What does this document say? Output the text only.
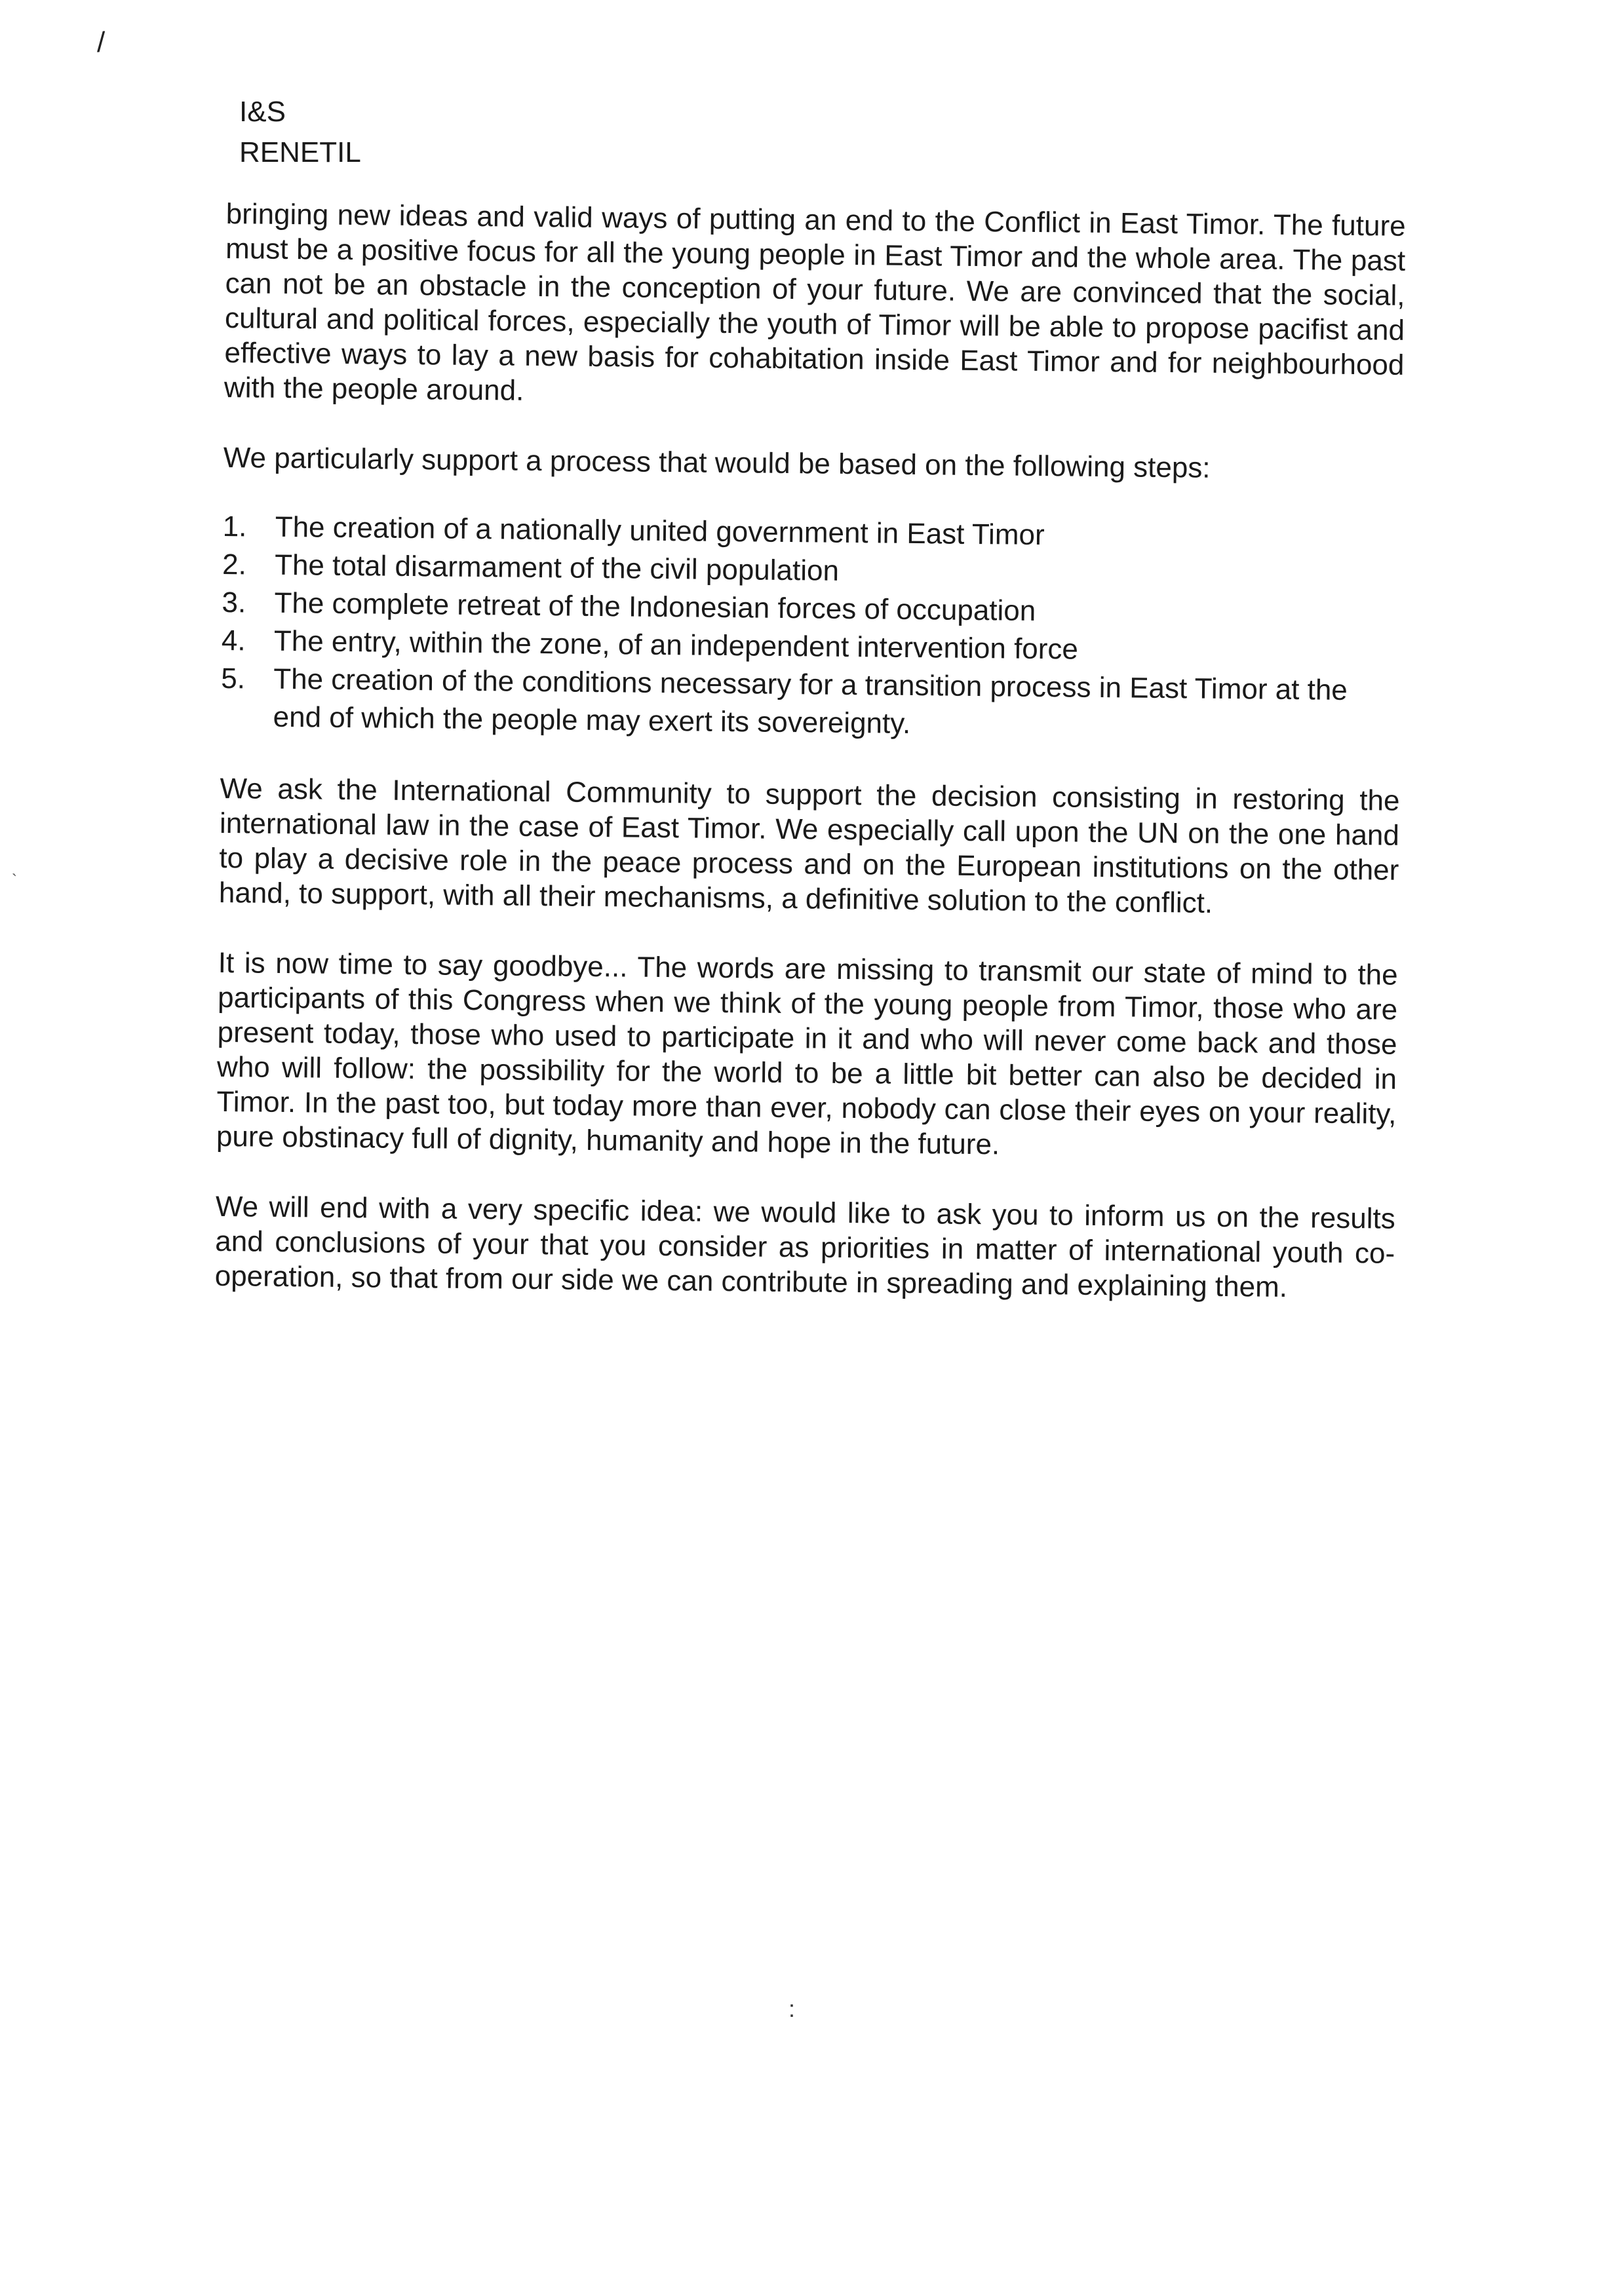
/
`
I&S
RENETIL

bringing new ideas and valid ways of putting an end to the Conflict in East Timor. The future must be a positive focus for all the young people in East Timor and the whole area. The past can not be an obstacle in the conception of your future. We are convinced that the social, cultural and political forces, especially the youth of Timor will be able to propose pacifist and effective ways to lay a new basis for cohabitation inside East Timor and for neighbourhood with the people around.

We particularly support a process that would be based on the following steps:

1. The creation of a nationally united government in East Timor
2. The total disarmament of the civil population
3. The complete retreat of the Indonesian forces of occupation
4. The entry, within the zone, of an independent intervention force
5. The creation of the conditions necessary for a transition process in East Timor at the end of which the people may exert its sovereignty.

We ask the International Community to support the decision consisting in restoring the international law in the case of East Timor. We especially call upon the UN on the one hand to play a decisive role in the peace process and on the European institutions on the other hand, to support, with all their mechanisms, a definitive solution to the conflict.

It is now time to say goodbye... The words are missing to transmit our state of mind to the participants of this Congress when we think of the young people from Timor, those who are present today, those who used to participate in it and who will never come back and those who will follow: the possibility for the world to be a little bit better can also be decided in Timor. In the past too, but today more than ever, nobody can close their eyes on your reality, pure obstinacy full of dignity, humanity and hope in the future.

We will end with a very specific idea: we would like to ask you to inform us on the results and conclusions of your that you consider as priorities in matter of international youth co-operation, so that from our side we can contribute in spreading and explaining them.

:
